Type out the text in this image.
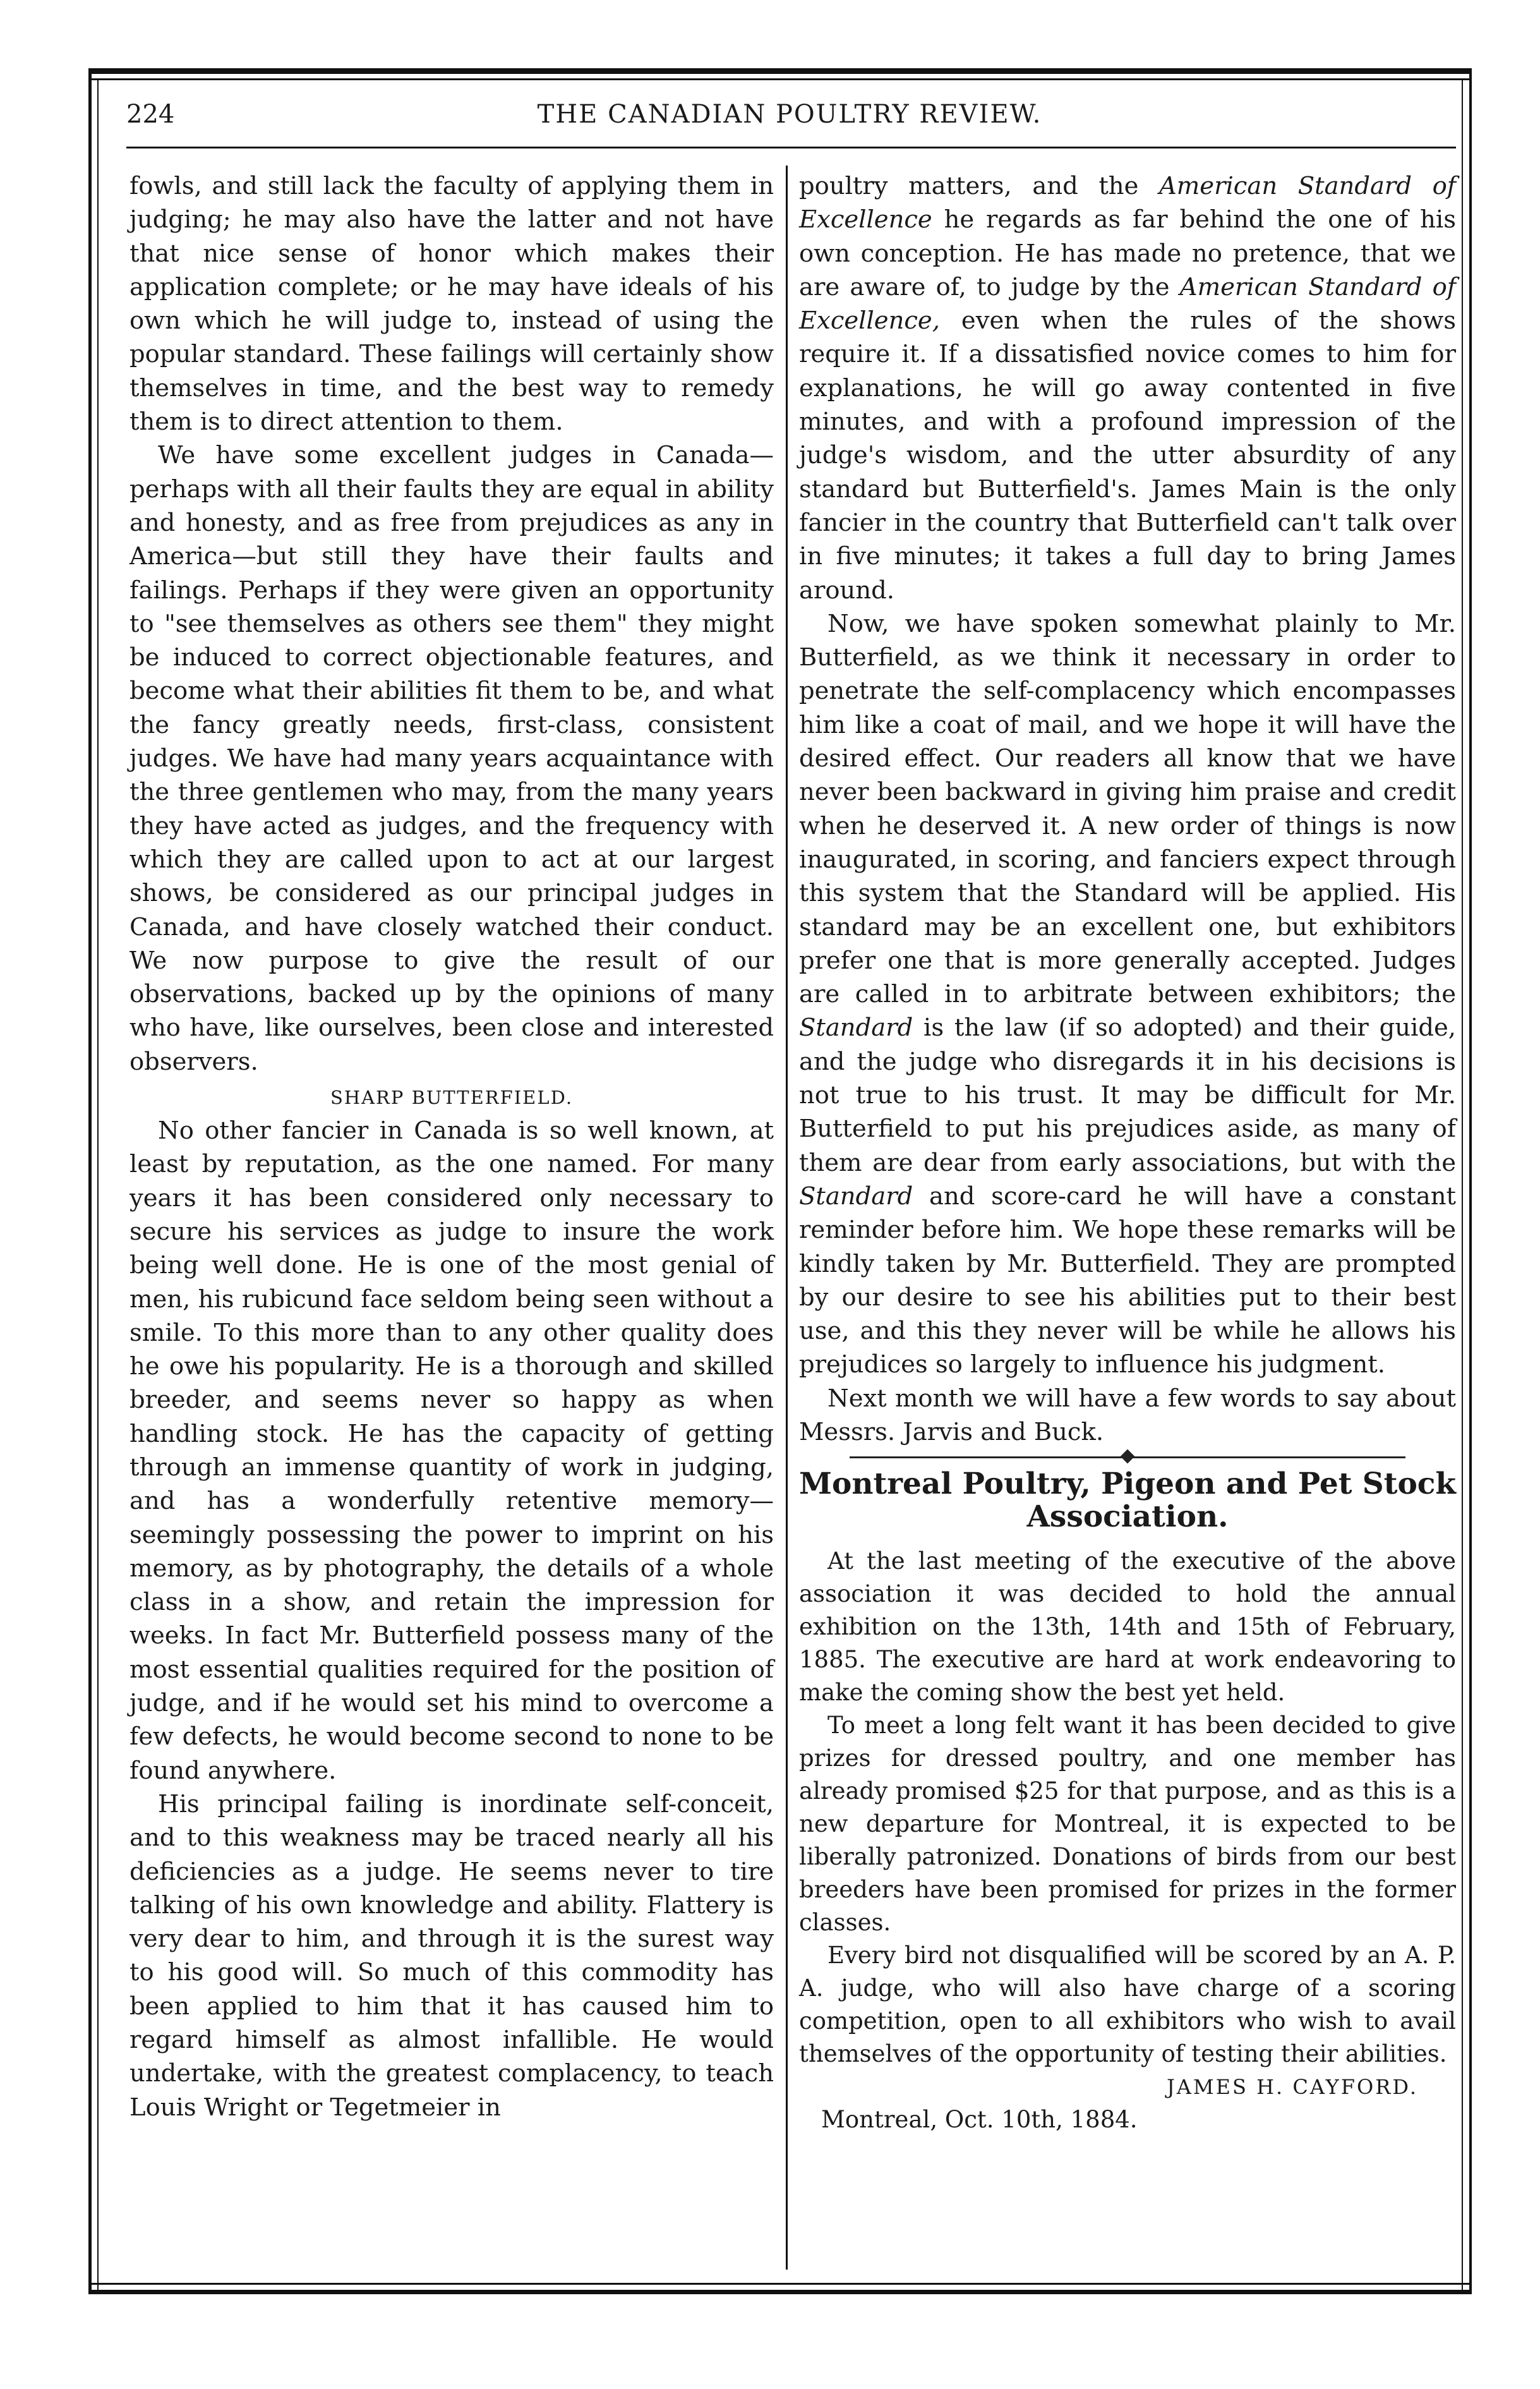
224	THE CANADIAN POULTRY REVIEW.

fowls, and still lack the faculty of applying them in judging; he may also have the latter and not have that nice sense of honor which makes their application complete; or he may have ideals of his own which he will judge to, instead of using the popular standard. These failings will certainly show themselves in time, and the best way to remedy them is to direct attention to them.

We have some excellent judges in Canada—perhaps with all their faults they are equal in ability and honesty, and as free from prejudices as any in America—but still they have their faults and failings. Perhaps if they were given an opportunity to "see themselves as others see them" they might be induced to correct objectionable features, and become what their abilities fit them to be, and what the fancy greatly needs, first-class, consistent judges. We have had many years acquaintance with the three gentlemen who may, from the many years they have acted as judges, and the frequency with which they are called upon to act at our largest shows, be considered as our principal judges in Canada, and have closely watched their conduct. We now purpose to give the result of our observations, backed up by the opinions of many who have, like ourselves, been close and interested observers.

SHARP BUTTERFIELD.

No other fancier in Canada is so well known, at least by reputation, as the one named. For many years it has been considered only necessary to secure his services as judge to insure the work being well done. He is one of the most genial of men, his rubicund face seldom being seen without a smile. To this more than to any other quality does he owe his popularity. He is a thorough and skilled breeder, and seems never so happy as when handling stock. He has the capacity of getting through an immense quantity of work in judging, and has a wonderfully retentive memory—seemingly possessing the power to imprint on his memory, as by photography, the details of a whole class in a show, and retain the impression for weeks. In fact Mr. Butterfield possess many of the most essential qualities required for the position of judge, and if he would set his mind to overcome a few defects, he would become second to none to be found anywhere.

His principal failing is inordinate self-conceit, and to this weakness may be traced nearly all his deficiencies as a judge. He seems never to tire talking of his own knowledge and ability. Flattery is very dear to him, and through it is the surest way to his good will. So much of this commodity has been applied to him that it has caused him to regard himself as almost infallible. He would undertake, with the greatest complacency, to teach Louis Wright or Tegetmeier in

poultry matters, and the American Standard of Excellence he regards as far behind the one of his own conception. He has made no pretence, that we are aware of, to judge by the American Standard of Excellence, even when the rules of the shows require it. If a dissatisfied novice comes to him for explanations, he will go away contented in five minutes, and with a profound impression of the judge's wisdom, and the utter absurdity of any standard but Butterfield's. James Main is the only fancier in the country that Butterfield can't talk over in five minutes; it takes a full day to bring James around.

Now, we have spoken somewhat plainly to Mr. Butterfield, as we think it necessary in order to penetrate the self-complacency which encompasses him like a coat of mail, and we hope it will have the desired effect. Our readers all know that we have never been backward in giving him praise and credit when he deserved it. A new order of things is now inaugurated, in scoring, and fanciers expect through this system that the Standard will be applied. His standard may be an excellent one, but exhibitors prefer one that is more generally accepted. Judges are called in to arbitrate between exhibitors; the Standard is the law (if so adopted) and their guide, and the judge who disregards it in his decisions is not true to his trust. It may be difficult for Mr. Butterfield to put his prejudices aside, as many of them are dear from early associations, but with the Standard and score-card he will have a constant reminder before him. We hope these remarks will be kindly taken by Mr. Butterfield. They are prompted by our desire to see his abilities put to their best use, and this they never will be while he allows his prejudices so largely to influence his judgment.

Next month we will have a few words to say about Messrs. Jarvis and Buck.

Montreal Poultry, Pigeon and Pet Stock Association.

At the last meeting of the executive of the above association it was decided to hold the annual exhibition on the 13th, 14th and 15th of February, 1885. The executive are hard at work endeavoring to make the coming show the best yet held.

To meet a long felt want it has been decided to give prizes for dressed poultry, and one member has already promised $25 for that purpose, and as this is a new departure for Montreal, it is expected to be liberally patronized. Donations of birds from our best breeders have been promised for prizes in the former classes.

Every bird not disqualified will be scored by an A. P. A. judge, who will also have charge of a scoring competition, open to all exhibitors who wish to avail themselves of the opportunity of testing their abilities.

JAMES H. CAYFORD.

Montreal, Oct. 10th, 1884.
